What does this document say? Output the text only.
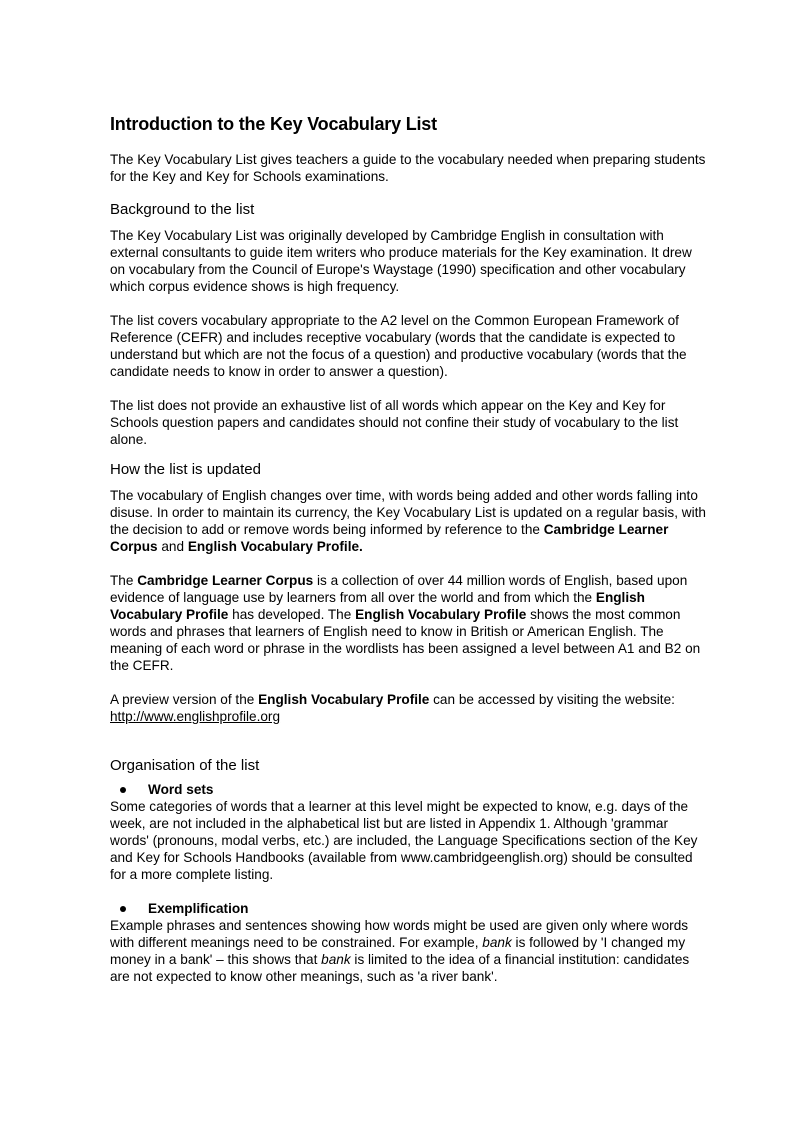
Introduction to the Key Vocabulary List

The Key Vocabulary List gives teachers a guide to the vocabulary needed when preparing students for the Key and Key for Schools examinations.

Background to the list

The Key Vocabulary List was originally developed by Cambridge English in consultation with external consultants to guide item writers who produce materials for the Key examination. It drew on vocabulary from the Council of Europe's Waystage (1990) specification and other vocabulary which corpus evidence shows is high frequency.

The list covers vocabulary appropriate to the A2 level on the Common European Framework of Reference (CEFR) and includes receptive vocabulary (words that the candidate is expected to understand but which are not the focus of a question) and productive vocabulary (words that the candidate needs to know in order to answer a question).

The list does not provide an exhaustive list of all words which appear on the Key and Key for Schools question papers and candidates should not confine their study of vocabulary to the list alone.

How the list is updated

The vocabulary of English changes over time, with words being added and other words falling into disuse. In order to maintain its currency, the Key Vocabulary List is updated on a regular basis, with the decision to add or remove words being informed by reference to the Cambridge Learner Corpus and English Vocabulary Profile.

The Cambridge Learner Corpus is a collection of over 44 million words of English, based upon evidence of language use by learners from all over the world and from which the English Vocabulary Profile has developed. The English Vocabulary Profile shows the most common words and phrases that learners of English need to know in British or American English. The meaning of each word or phrase in the wordlists has been assigned a level between A1 and B2 on the CEFR.

A preview version of the English Vocabulary Profile can be accessed by visiting the website: http://www.englishprofile.org

Organisation of the list
Word sets

Some categories of words that a learner at this level might be expected to know, e.g. days of the week, are not included in the alphabetical list but are listed in Appendix 1. Although 'grammar words' (pronouns, modal verbs, etc.) are included, the Language Specifications section of the Key and Key for Schools Handbooks (available from www.cambridgeenglish.org) should be consulted for a more complete listing.

Exemplification

Example phrases and sentences showing how words might be used are given only where words with different meanings need to be constrained. For example, bank is followed by 'I changed my money in a bank' – this shows that bank is limited to the idea of a financial institution: candidates are not expected to know other meanings, such as 'a river bank'.
